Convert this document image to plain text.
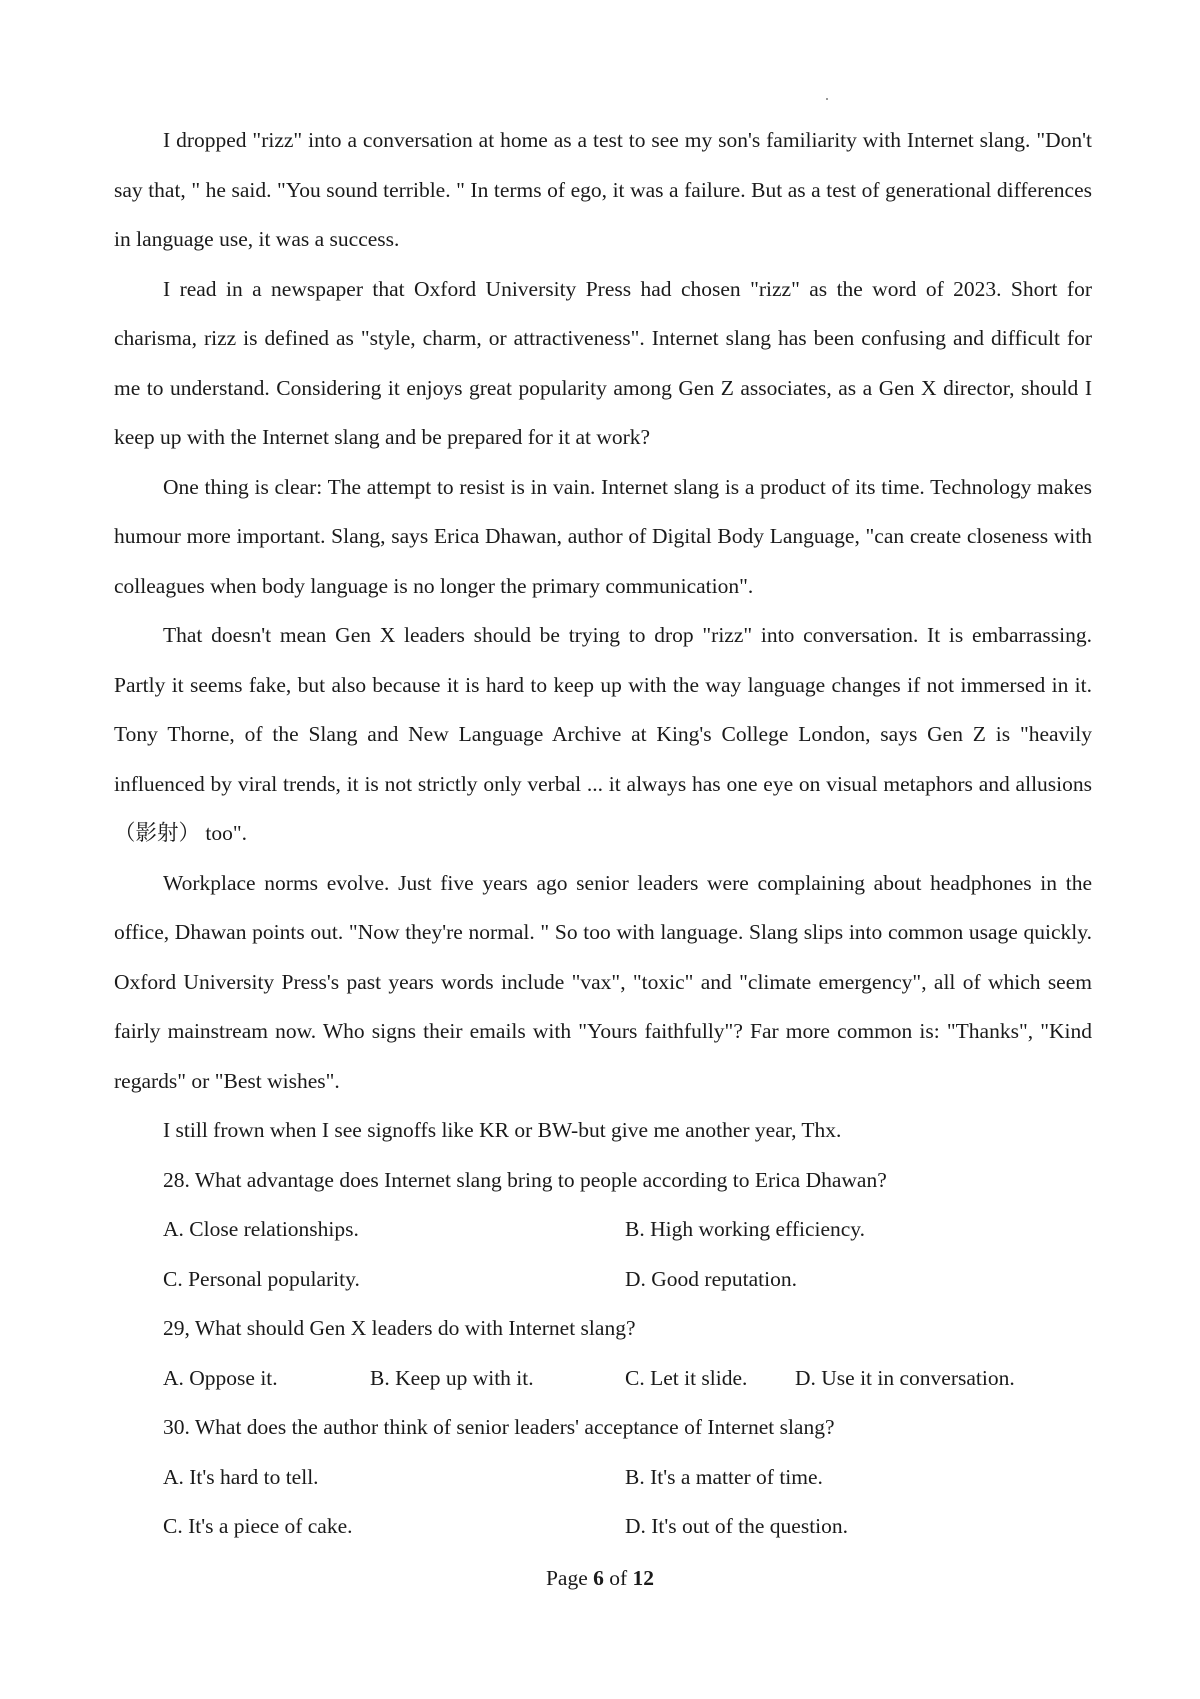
I dropped "rizz" into a conversation at home as a test to see my son's familiarity with Internet slang. "Don't say that, " he said. "You sound terrible. " In terms of ego, it was a failure. But as a test of generational differences in language use, it was a success.

I read in a newspaper that Oxford University Press had chosen "rizz" as the word of 2023. Short for charisma, rizz is defined as "style, charm, or attractiveness". Internet slang has been confusing and difficult for me to understand. Considering it enjoys great popularity among Gen Z associates, as a Gen X director, should I keep up with the Internet slang and be prepared for it at work?

One thing is clear: The attempt to resist is in vain. Internet slang is a product of its time. Technology makes humour more important. Slang, says Erica Dhawan, author of Digital Body Language, "can create closeness with colleagues when body language is no longer the primary communication".

That doesn't mean Gen X leaders should be trying to drop "rizz" into conversation. It is embarrassing. Partly it seems fake, but also because it is hard to keep up with the way language changes if not immersed in it. Tony Thorne, of the Slang and New Language Archive at King's College London, says Gen Z is "heavily influenced by viral trends, it is not strictly only verbal ... it always has one eye on visual metaphors and allusions （影射） too".

Workplace norms evolve. Just five years ago senior leaders were complaining about headphones in the office, Dhawan points out. "Now they're normal. " So too with language. Slang slips into common usage quickly. Oxford University Press's past years words include "vax", "toxic" and "climate emergency", all of which seem fairly mainstream now. Who signs their emails with "Yours faithfully"? Far more common is: "Thanks", "Kind regards" or "Best wishes".

I still frown when I see signoffs like KR or BW-but give me another year, Thx.

28. What advantage does Internet slang bring to people according to Erica Dhawan?

A. Close relationships.	B. High working efficiency.
C. Personal popularity.	D. Good reputation.

29, What should Gen X leaders do with Internet slang?

A. Oppose it.	B. Keep up with it.	C. Let it slide. D. Use it in conversation.

30. What does the author think of senior leaders' acceptance of Internet slang?

A. It's hard to tell.	B. It's a matter of time.
C. It's a piece of cake.	D. It's out of the question.
Page 6 of 12
